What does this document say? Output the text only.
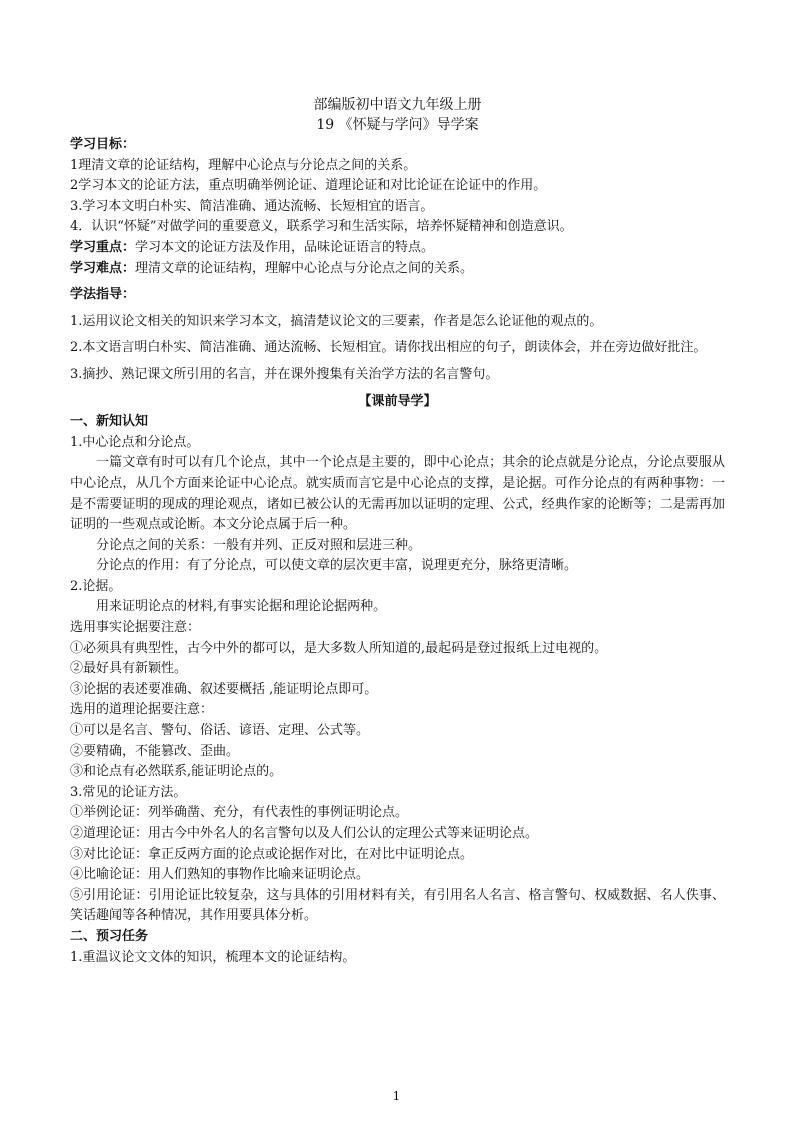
部编版初中语文九年级上册
19 《怀疑与学问》导学案
学习目标：
1理清文章的论证结构，理解中心论点与分论点之间的关系。
2学习本文的论证方法，重点明确举例论证、道理论证和对比论证在论证中的作用。
3.学习本文明白朴实、简洁准确、通达流畅、长短相宜的语言。
4．认识“怀疑”对做学问的重要意义，联系学习和生活实际，培养怀疑精神和创造意识。
学习重点：学习本文的论证方法及作用，品味论证语言的特点。
学习难点：理清文章的论证结构，理解中心论点与分论点之间的关系。
学法指导：
1.运用议论文相关的知识来学习本文，搞清楚议论文的三要素，作者是怎么论证他的观点的。
2.本文语言明白朴实、简洁准确、通达流畅、长短相宜。请你找出相应的句子，朗读体会，并在旁边做好批注。
3.摘抄、熟记课文所引用的名言，并在课外搜集有关治学方法的名言警句。
【课前导学】
一、新知认知
1.中心论点和分论点。
一篇文章有时可以有几个论点，其中一个论点是主要的，即中心论点；其余的论点就是分论点，分论点要服从中心论点，从几个方面来论证中心论点。就实质而言它是中心论点的支撑，是论据。可作分论点的有两种事物：一是不需要证明的现成的理论观点，诸如已被公认的无需再加以证明的定理、公式，经典作家的论断等；二是需再加证明的一些观点或论断。本文分论点属于后一种。
分论点之间的关系：一般有并列、正反对照和层进三种。
分论点的作用：有了分论点，可以使文章的层次更丰富，说理更充分，脉络更清晰。
2.论据。
用来证明论点的材料,有事实论据和理论论据两种。
选用事实论据要注意：
①必须具有典型性，古今中外的都可以，是大多数人所知道的,最起码是登过报纸上过电视的。
②最好具有新颖性。
③论据的表述要准确、叙述要概括 ,能证明论点即可。
选用的道理论据要注意：
①可以是名言、警句、俗话、谚语、定理、公式等。
②要精确，不能篡改、歪曲。
③和论点有必然联系,能证明论点的。
3.常见的论证方法。
①举例论证：列举确凿、充分，有代表性的事例证明论点。
②道理论证：用古今中外名人的名言警句以及人们公认的定理公式等来证明论点。
③对比论证：拿正反两方面的论点或论据作对比，在对比中证明论点。
④比喻论证：用人们熟知的事物作比喻来证明论点。
⑤引用论证：引用论证比较复杂，这与具体的引用材料有关，有引用名人名言、格言警句、权威数据、名人佚事、笑话趣闻等各种情况，其作用要具体分析。
二、预习任务
1.重温议论文文体的知识，梳理本文的论证结构。
1
